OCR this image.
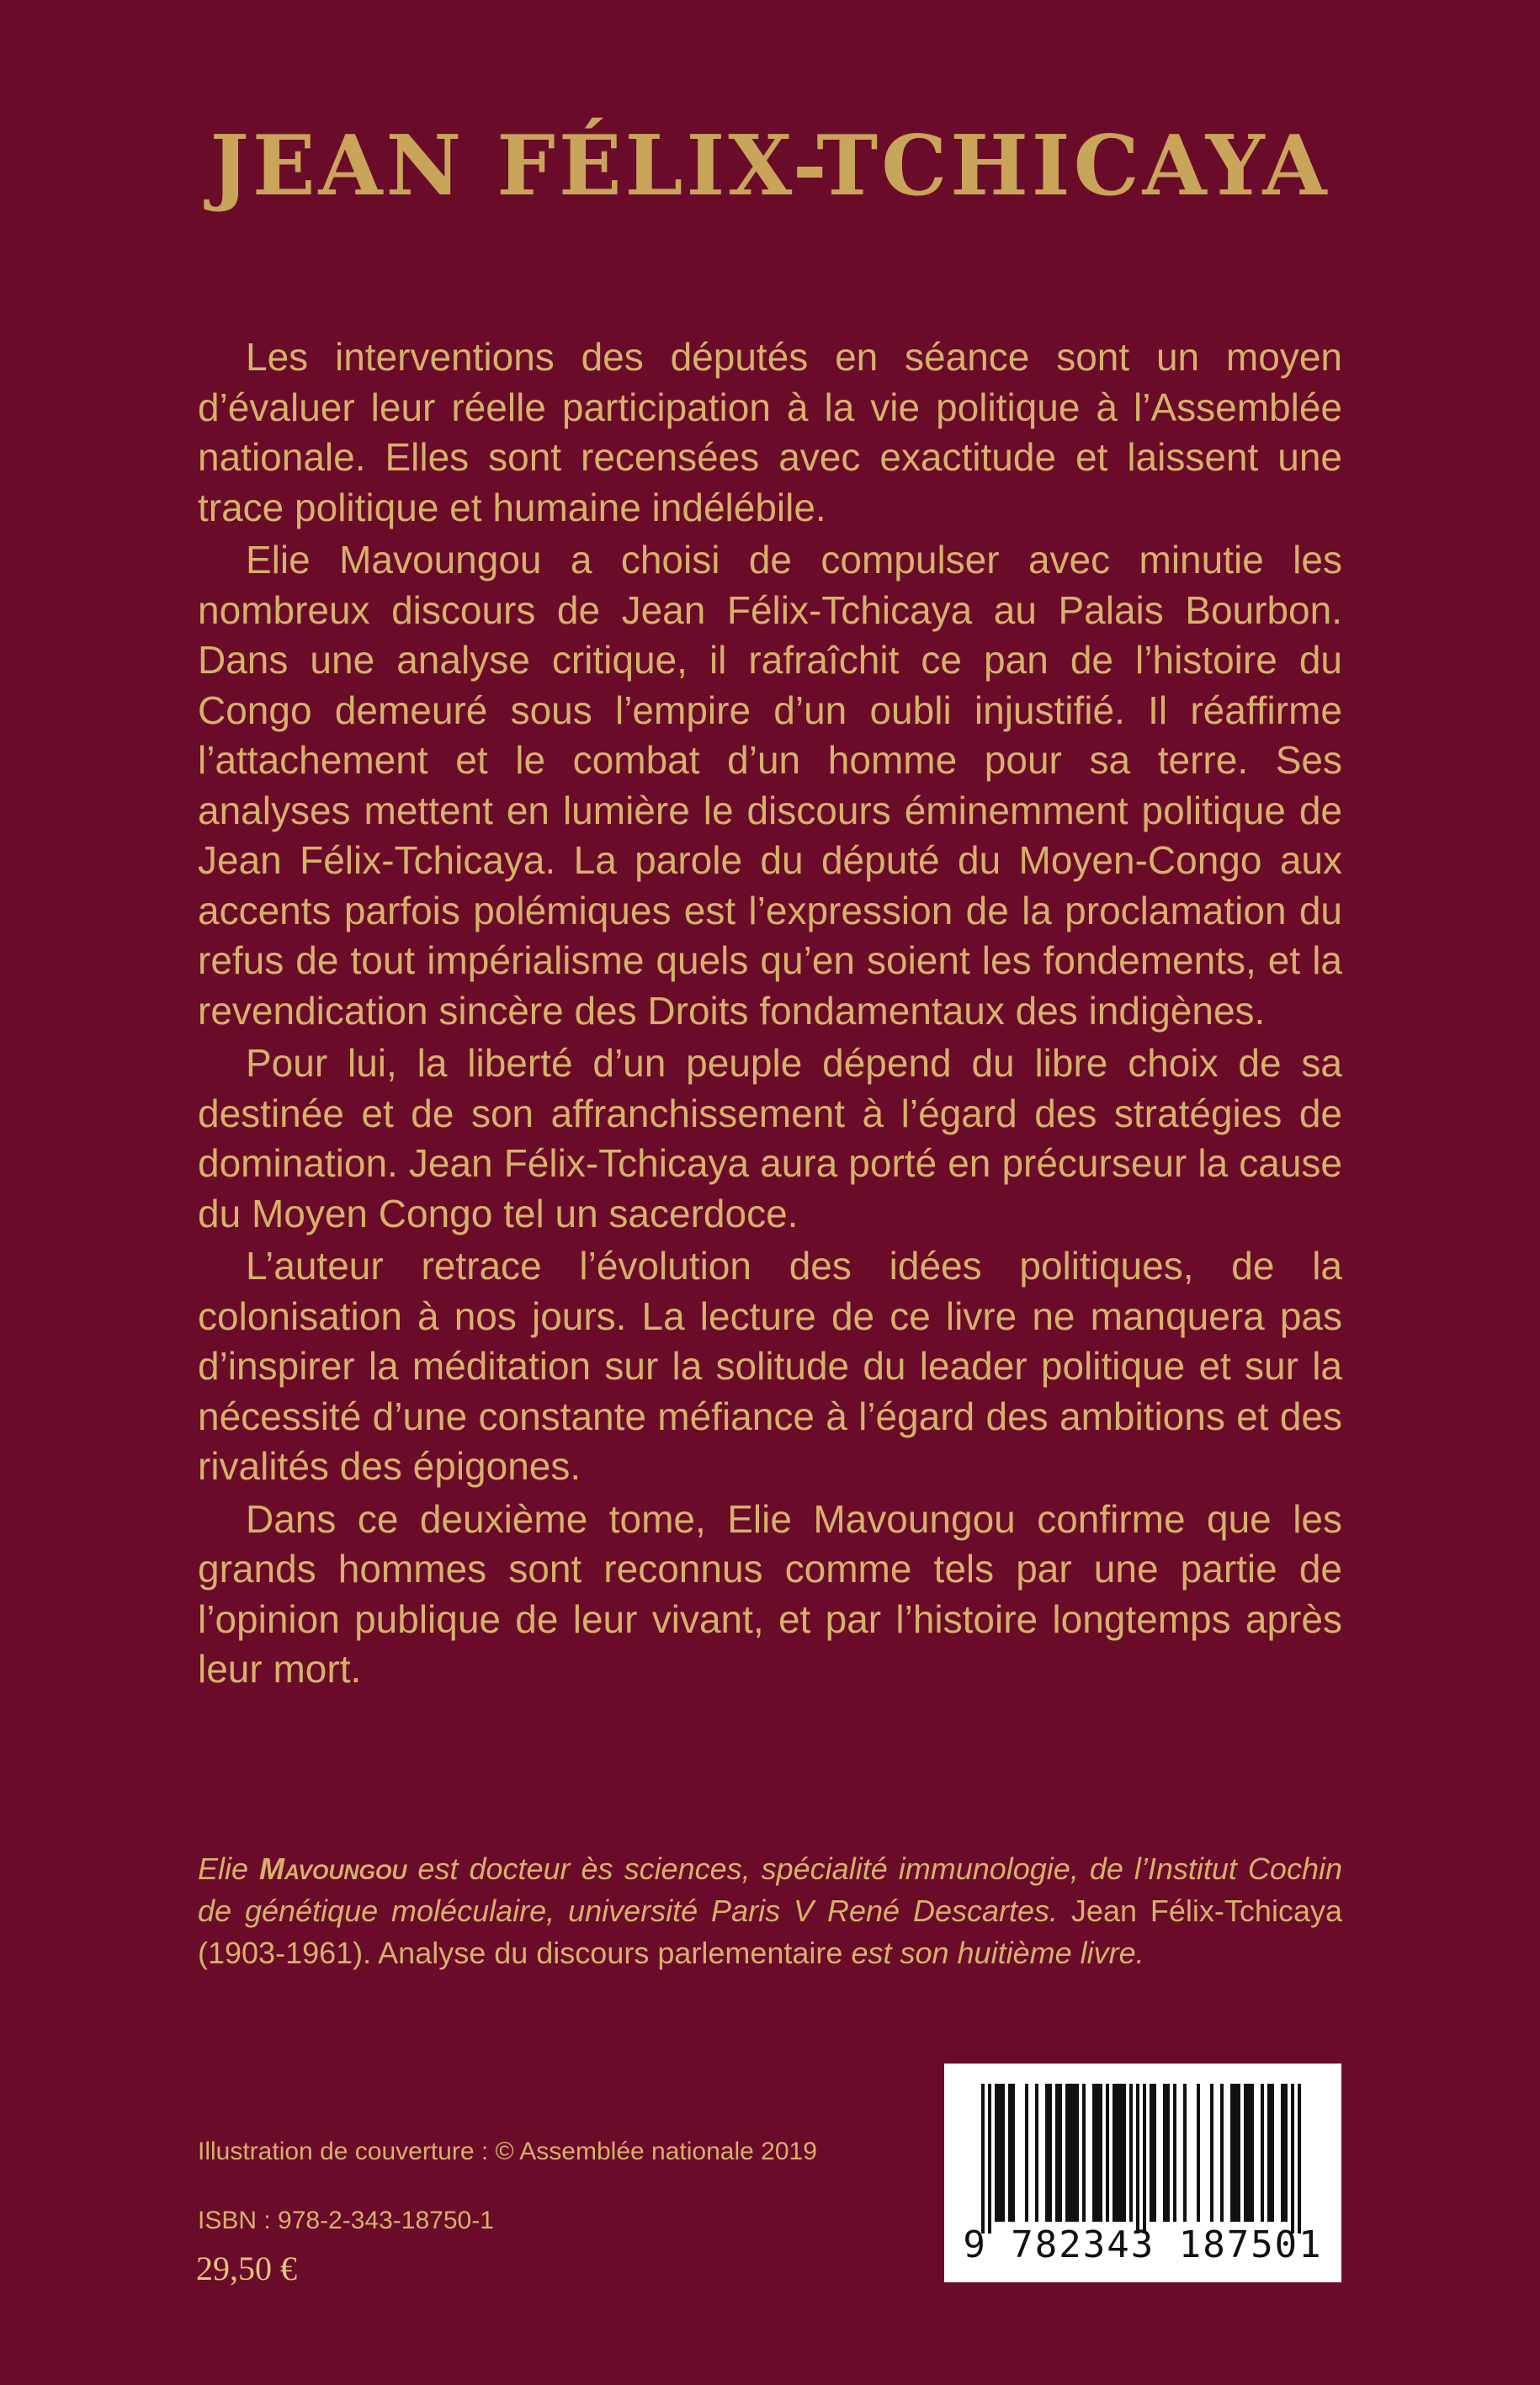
JEAN FÉLIX-TCHICAYA

Les interventions des députés en séance sont un moyen d’évaluer leur réelle participation à la vie politique à l’Assemblée nationale. Elles sont recensées avec exactitude et laissent une trace politique et humaine indélébile.

Elie Mavoungou a choisi de compulser avec minutie les nombreux discours de Jean Félix-Tchicaya au Palais Bourbon. Dans une analyse critique, il rafraîchit ce pan de l’histoire du Congo demeuré sous l’empire d’un oubli injustifié. Il réaffirme l’attachement et le combat d’un homme pour sa terre. Ses analyses mettent en lumière le discours éminemment politique de Jean Félix-Tchicaya. La parole du député du Moyen-Congo aux accents parfois polémiques est l’expression de la proclamation du refus de tout impérialisme quels qu’en soient les fondements, et la revendication sincère des Droits fondamentaux des indigènes.

Pour lui, la liberté d’un peuple dépend du libre choix de sa destinée et de son affranchissement à l’égard des stratégies de domination. Jean Félix-Tchicaya aura porté en précurseur la cause du Moyen Congo tel un sacerdoce.

L’auteur retrace l’évolution des idées politiques, de la colonisation à nos jours. La lecture de ce livre ne manquera pas d’inspirer la méditation sur la solitude du leader politique et sur la nécessité d’une constante méfiance à l’égard des ambitions et des rivalités des épigones.

Dans ce deuxième tome, Elie Mavoungou confirme que les grands hommes sont reconnus comme tels par une partie de l’opinion publique de leur vivant, et par l’histoire longtemps après leur mort.

Elie Mavoungou est docteur ès sciences, spécialité immunologie, de l’Institut Cochin de génétique moléculaire, université Paris V René Descartes. Jean Félix-Tchicaya (1903-1961). Analyse du discours parlementaire est son huitième livre.

Illustration de couverture : © Assemblée nationale 2019
ISBN : 978-2-343-18750-1
29,50 €
9 782343 187501
